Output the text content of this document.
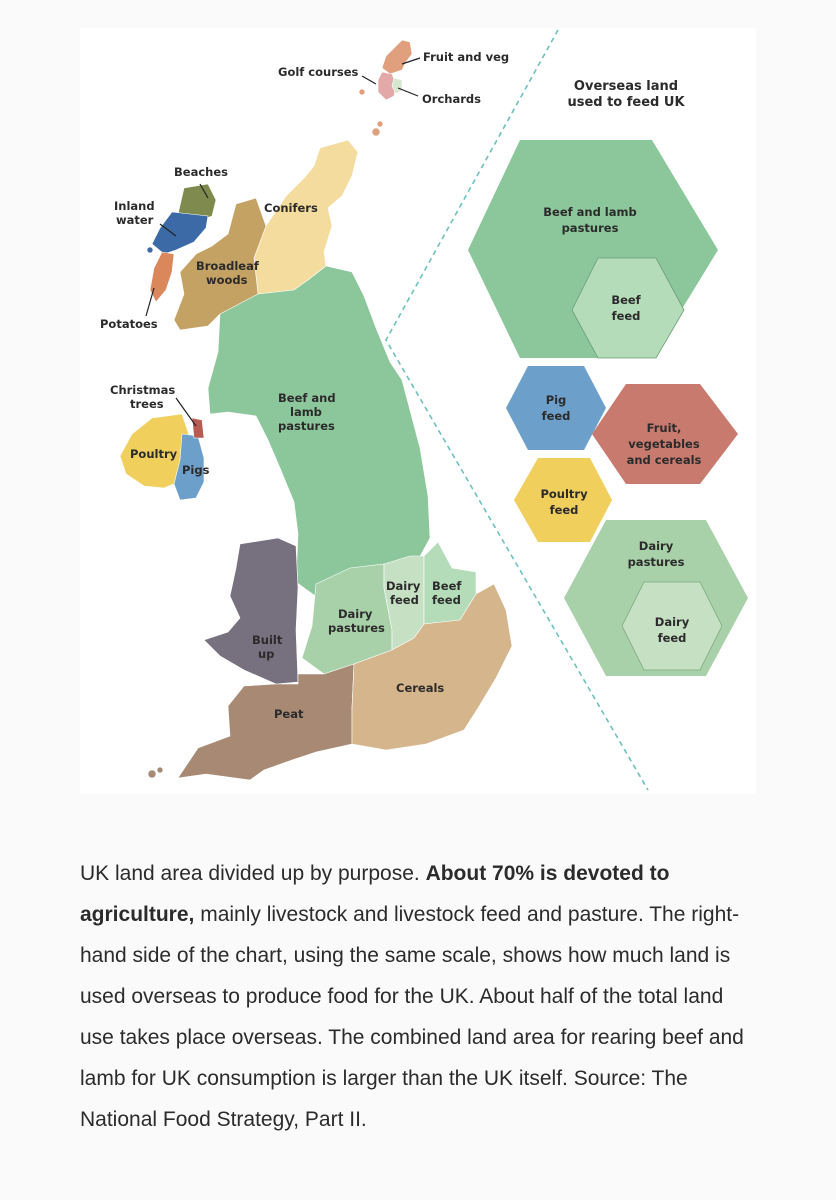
Fruit and veg
Golf courses
Orchards
Beaches
Inland
water
Conifers
Broadleaf
woods
Potatoes
Christmas
trees
Poultry
Pigs
Beef and
lamb
pastures
Built
up
Dairy
pastures
Dairy
feed
Beef
feed
Peat
Cereals
Overseas land
used to feed UK
Beef and lamb
pastures
Beef
feed
Pig
feed
Fruit,
vegetables
and cereals
Poultry
feed
Dairy
pastures
Dairy
feed

UK land area divided up by purpose. About 70% is devoted to agriculture, mainly livestock and livestock feed and pasture. The right-hand side of the chart, using the same scale, shows how much land is used overseas to produce food for the UK. About half of the total land use takes place overseas. The combined land area for rearing beef and lamb for UK consumption is larger than the UK itself. Source: The National Food Strategy, Part II.
